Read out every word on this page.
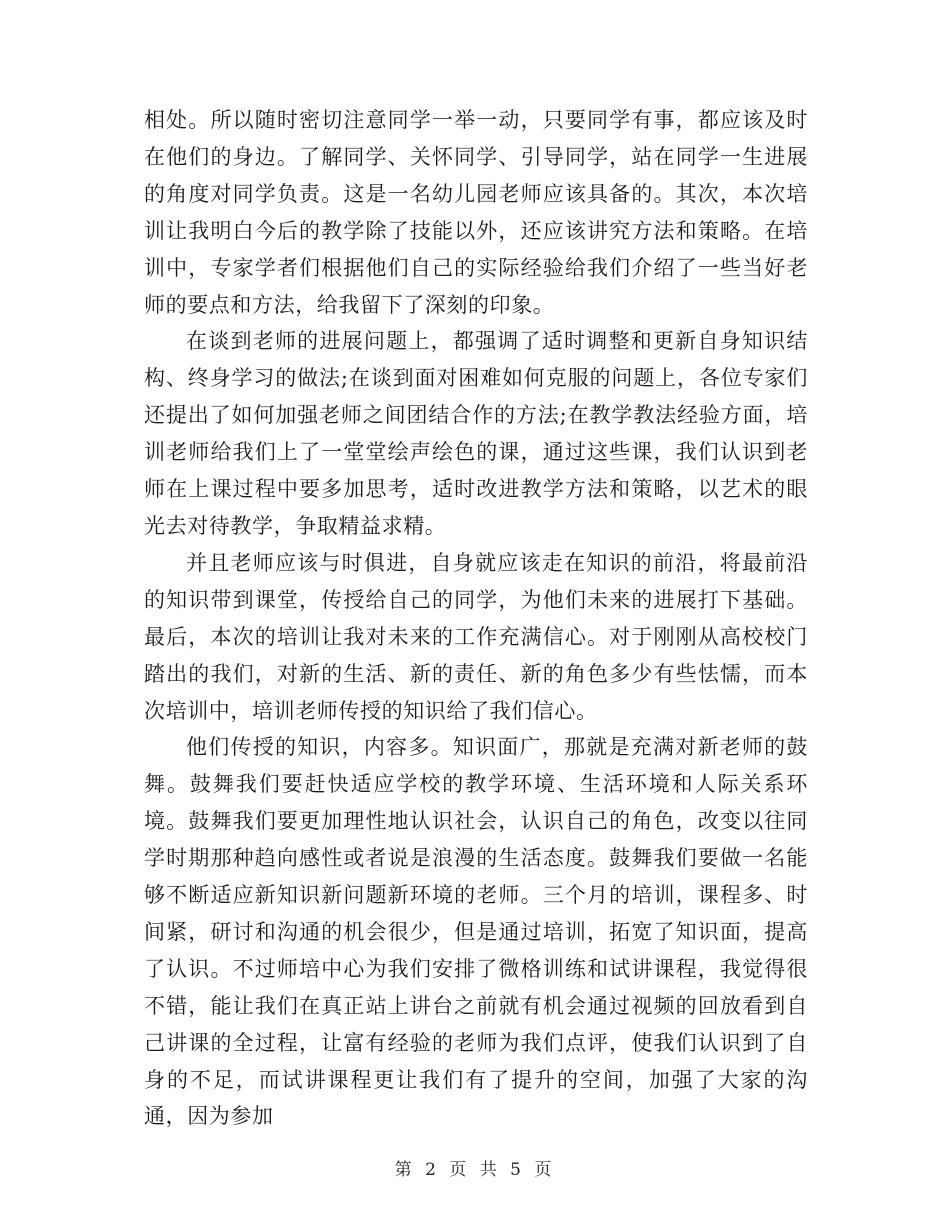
相处。所以随时密切注意同学一举一动，只要同学有事，都应该及时在他们的身边。了解同学、关怀同学、引导同学，站在同学一生进展的角度对同学负责。这是一名幼儿园老师应该具备的。其次，本次培训让我明白今后的教学除了技能以外，还应该讲究方法和策略。在培训中，专家学者们根据他们自己的实际经验给我们介绍了一些当好老师的要点和方法，给我留下了深刻的印象。

在谈到老师的进展问题上，都强调了适时调整和更新自身知识结构、终身学习的做法;在谈到面对困难如何克服的问题上，各位专家们还提出了如何加强老师之间团结合作的方法;在教学教法经验方面，培训老师给我们上了一堂堂绘声绘色的课，通过这些课，我们认识到老师在上课过程中要多加思考，适时改进教学方法和策略，以艺术的眼光去对待教学，争取精益求精。

并且老师应该与时俱进，自身就应该走在知识的前沿，将最前沿的知识带到课堂，传授给自己的同学，为他们未来的进展打下基础。最后，本次的培训让我对未来的工作充满信心。对于刚刚从高校校门踏出的我们，对新的生活、新的责任、新的角色多少有些怯懦，而本次培训中，培训老师传授的知识给了我们信心。

他们传授的知识，内容多。知识面广，那就是充满对新老师的鼓舞。鼓舞我们要赶快适应学校的教学环境、生活环境和人际关系环境。鼓舞我们要更加理性地认识社会，认识自己的角色，改变以往同学时期那种趋向感性或者说是浪漫的生活态度。鼓舞我们要做一名能够不断适应新知识新问题新环境的老师。三个月的培训，课程多、时间紧，研讨和沟通的机会很少，但是通过培训，拓宽了知识面，提高了认识。不过师培中心为我们安排了微格训练和试讲课程，我觉得很不错，能让我们在真正站上讲台之前就有机会通过视频的回放看到自己讲课的全过程，让富有经验的老师为我们点评，使我们认识到了自身的不足，而试讲课程更让我们有了提升的空间，加强了大家的沟通，因为参加

第 2 页 共 5 页
